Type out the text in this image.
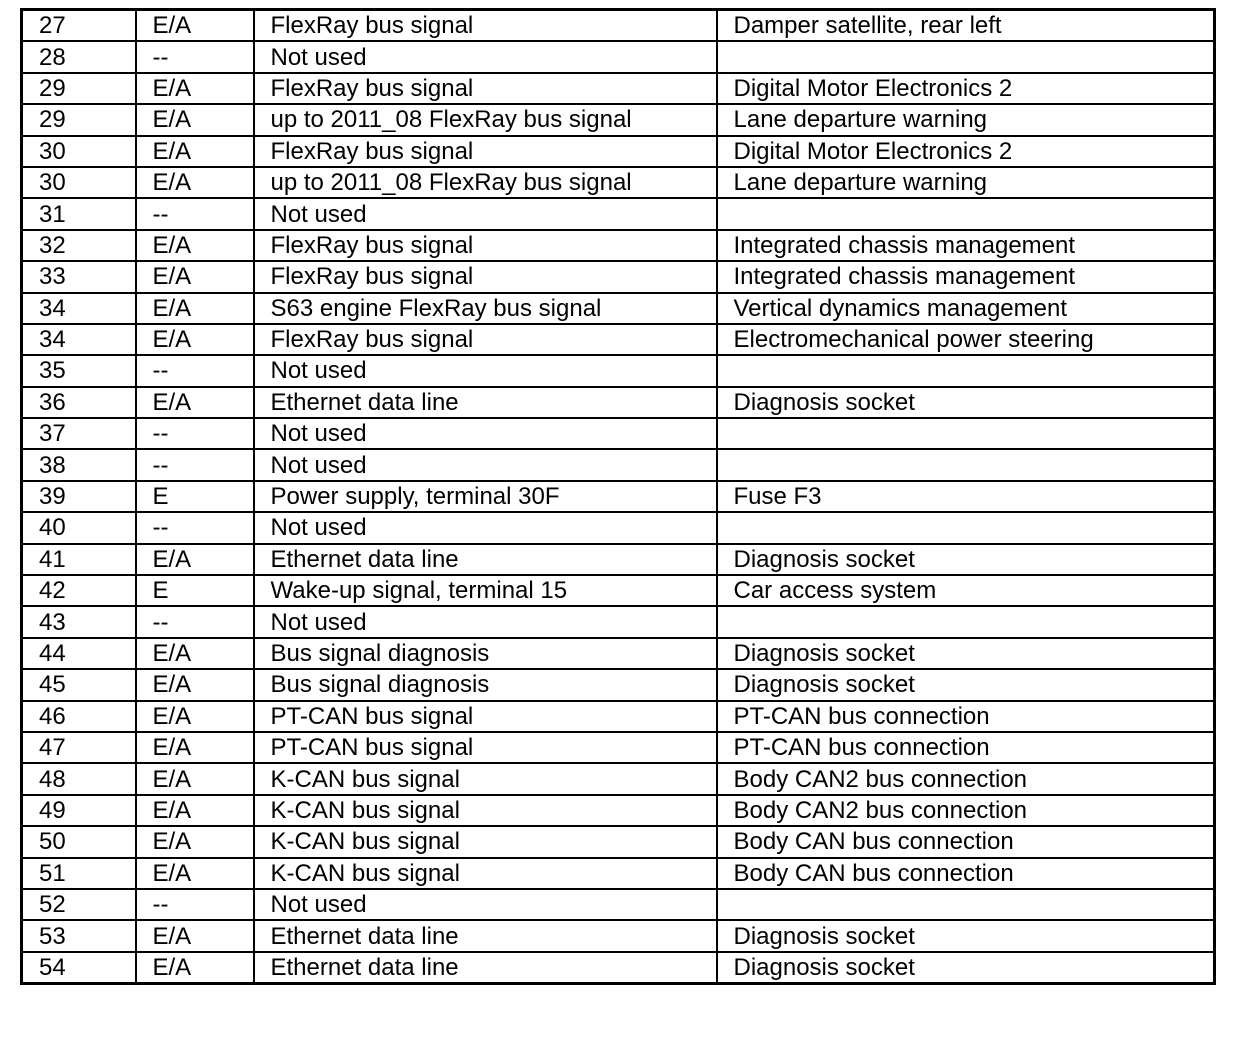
27	E/A	FlexRay bus signal	Damper satellite, rear left
28	--	Not used	
29	E/A	FlexRay bus signal	Digital Motor Electronics 2
29	E/A	up to 2011_08 FlexRay bus signal	Lane departure warning
30	E/A	FlexRay bus signal	Digital Motor Electronics 2
30	E/A	up to 2011_08 FlexRay bus signal	Lane departure warning
31	--	Not used	
32	E/A	FlexRay bus signal	Integrated chassis management
33	E/A	FlexRay bus signal	Integrated chassis management
34	E/A	S63 engine FlexRay bus signal	Vertical dynamics management
34	E/A	FlexRay bus signal	Electromechanical power steering
35	--	Not used	
36	E/A	Ethernet data line	Diagnosis socket
37	--	Not used	
38	--	Not used	
39	E	Power supply, terminal 30F	Fuse F3
40	--	Not used	
41	E/A	Ethernet data line	Diagnosis socket
42	E	Wake-up signal, terminal 15	Car access system
43	--	Not used	
44	E/A	Bus signal diagnosis	Diagnosis socket
45	E/A	Bus signal diagnosis	Diagnosis socket
46	E/A	PT-CAN bus signal	PT-CAN bus connection
47	E/A	PT-CAN bus signal	PT-CAN bus connection
48	E/A	K-CAN bus signal	Body CAN2 bus connection
49	E/A	K-CAN bus signal	Body CAN2 bus connection
50	E/A	K-CAN bus signal	Body CAN bus connection
51	E/A	K-CAN bus signal	Body CAN bus connection
52	--	Not used	
53	E/A	Ethernet data line	Diagnosis socket
54	E/A	Ethernet data line	Diagnosis socket
